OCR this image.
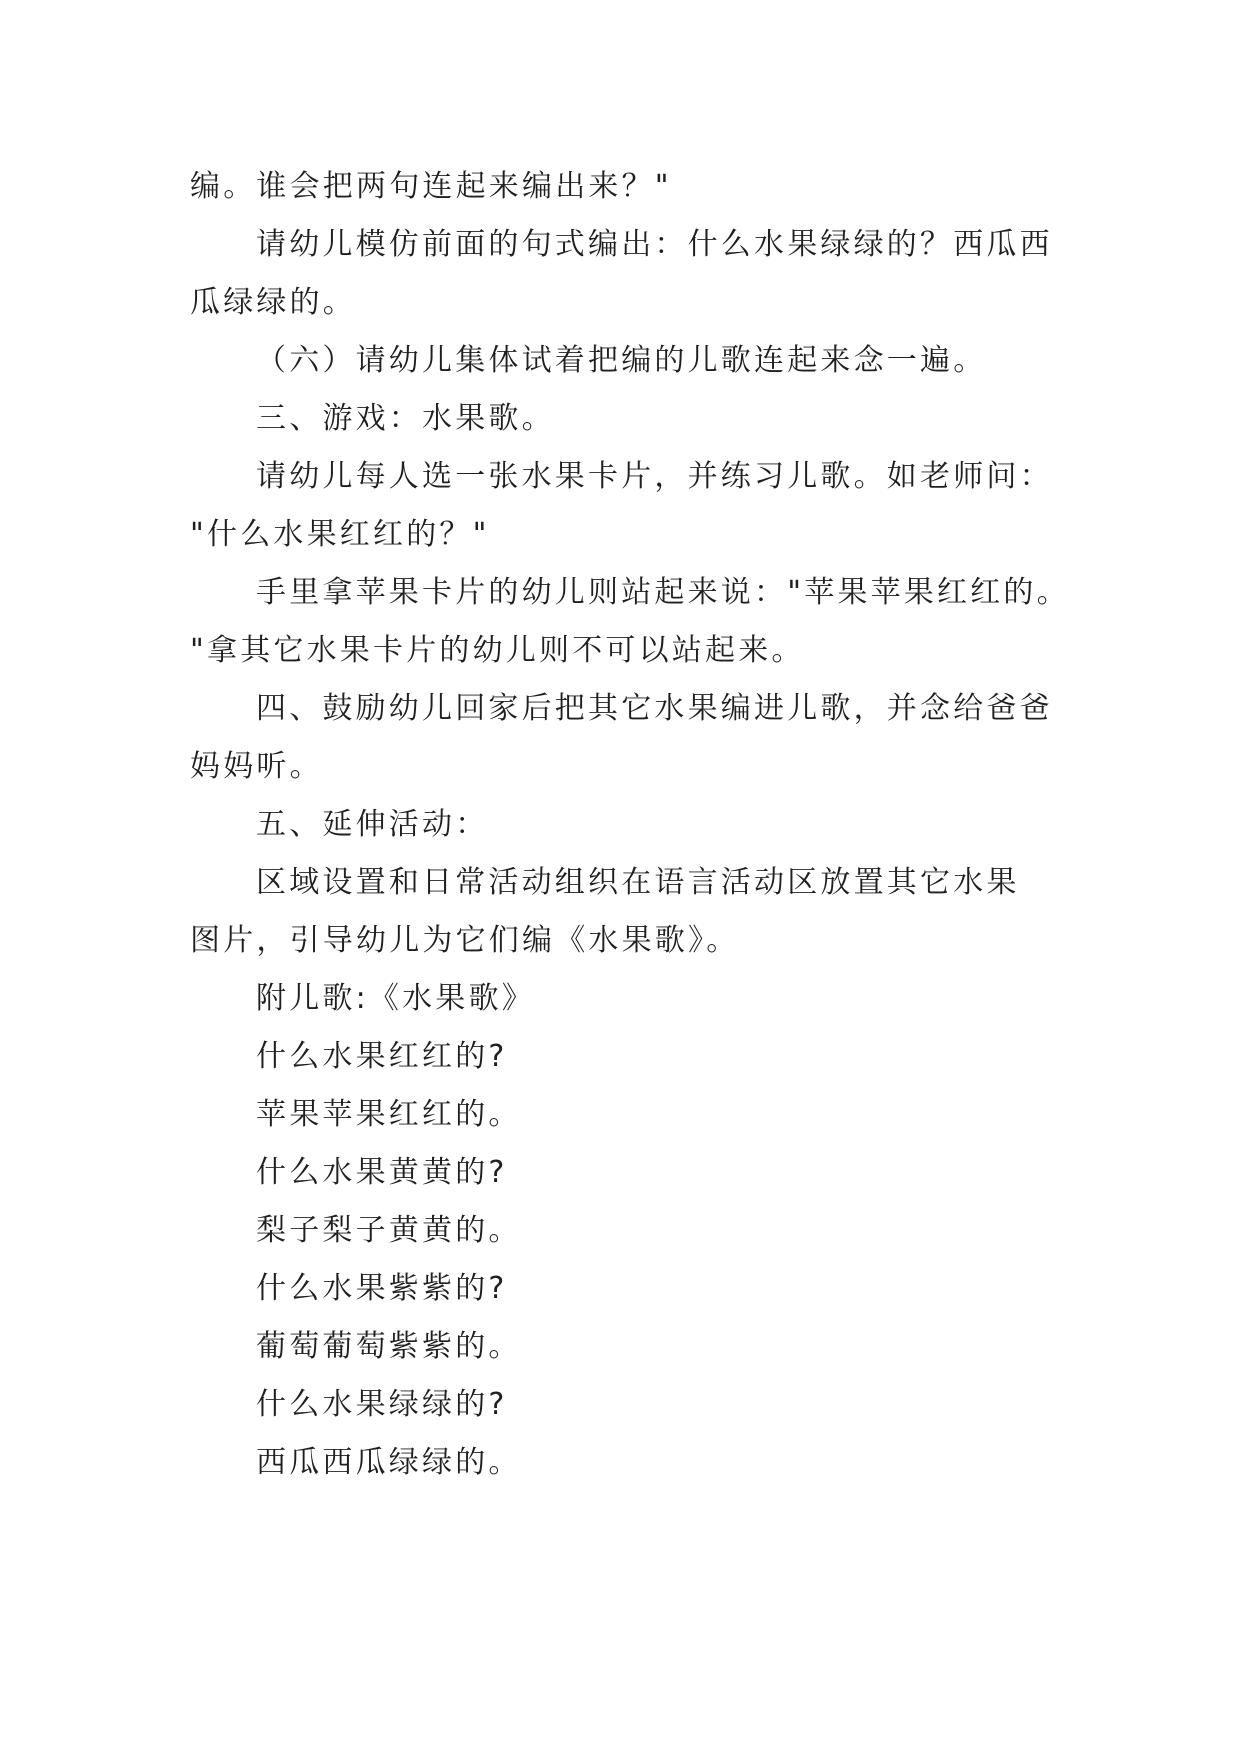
编。谁会把两句连起来编出来？"
请幼儿模仿前面的句式编出：什么水果绿绿的？西瓜西
瓜绿绿的。
（六）请幼儿集体试着把编的儿歌连起来念一遍。
三、游戏：水果歌。
请幼儿每人选一张水果卡片，并练习儿歌。如老师问：
"什么水果红红的？"
手里拿苹果卡片的幼儿则站起来说："苹果苹果红红的。
"拿其它水果卡片的幼儿则不可以站起来。
四、鼓励幼儿回家后把其它水果编进儿歌，并念给爸爸
妈妈听。
五、延伸活动：
区域设置和日常活动组织在语言活动区放置其它水果
图片，引导幼儿为它们编《水果歌》。
附儿歌:《水果歌》
什么水果红红的?
苹果苹果红红的。
什么水果黄黄的?
梨子梨子黄黄的。
什么水果紫紫的?
葡萄葡萄紫紫的。
什么水果绿绿的?
西瓜西瓜绿绿的。
